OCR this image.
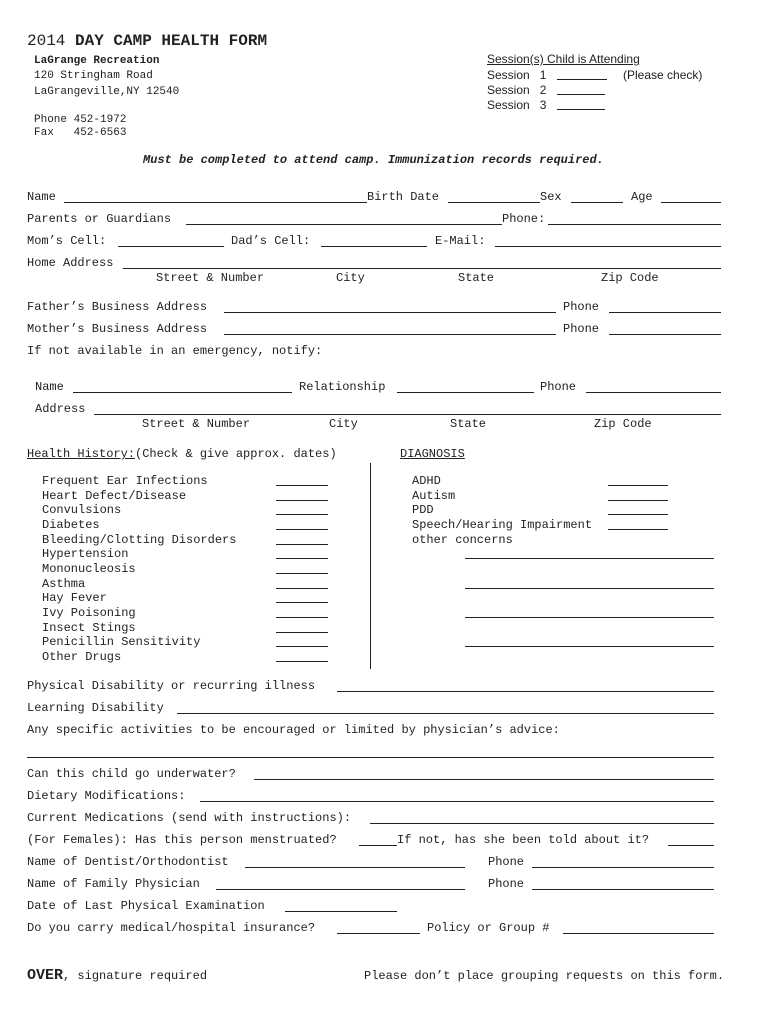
2014 DAY CAMP HEALTH FORM
LaGrange Recreation
120 Stringham Road
LaGrangeville,NY 12540
Phone 452-1972
Fax   452-6563
Session(s) Child is Attending
Session   1	(Please check)
Session   2
Session   3
Must be completed to attend camp. Immunization records required.
Name	Birth Date	Sex	Age
Parents or Guardians	Phone:
Mom’s Cell:	Dad’s Cell:	E-Mail:
Home Address
Street & Number	City	State	Zip Code
Father’s Business Address	Phone
Mother’s Business Address	Phone
If not available in an emergency, notify:
Name	Relationship	Phone
Address
Street & Number	City	State	Zip Code
Health History:(Check & give approx. dates)	DIAGNOSIS
Frequent Ear Infections
Heart Defect/Disease
Convulsions
Diabetes
Bleeding/Clotting Disorders
Hypertension
Mononucleosis
Asthma
Hay Fever
Ivy Poisoning
Insect Stings
Penicillin Sensitivity
Other Drugs
ADHD
Autism
PDD
Speech/Hearing Impairment
other concerns
Physical Disability or recurring illness
Learning Disability
Any specific activities to be encouraged or limited by physician’s advice:
Can this child go underwater?
Dietary Modifications:
Current Medications (send with instructions):
(For Females): Has this person menstruated?	If not, has she been told about it?
Name of Dentist/Orthodontist	Phone
Name of Family Physician	Phone
Date of Last Physical Examination
Do you carry medical/hospital insurance?	Policy or Group #
OVER, signature required	Please don’t place grouping requests on this form.
